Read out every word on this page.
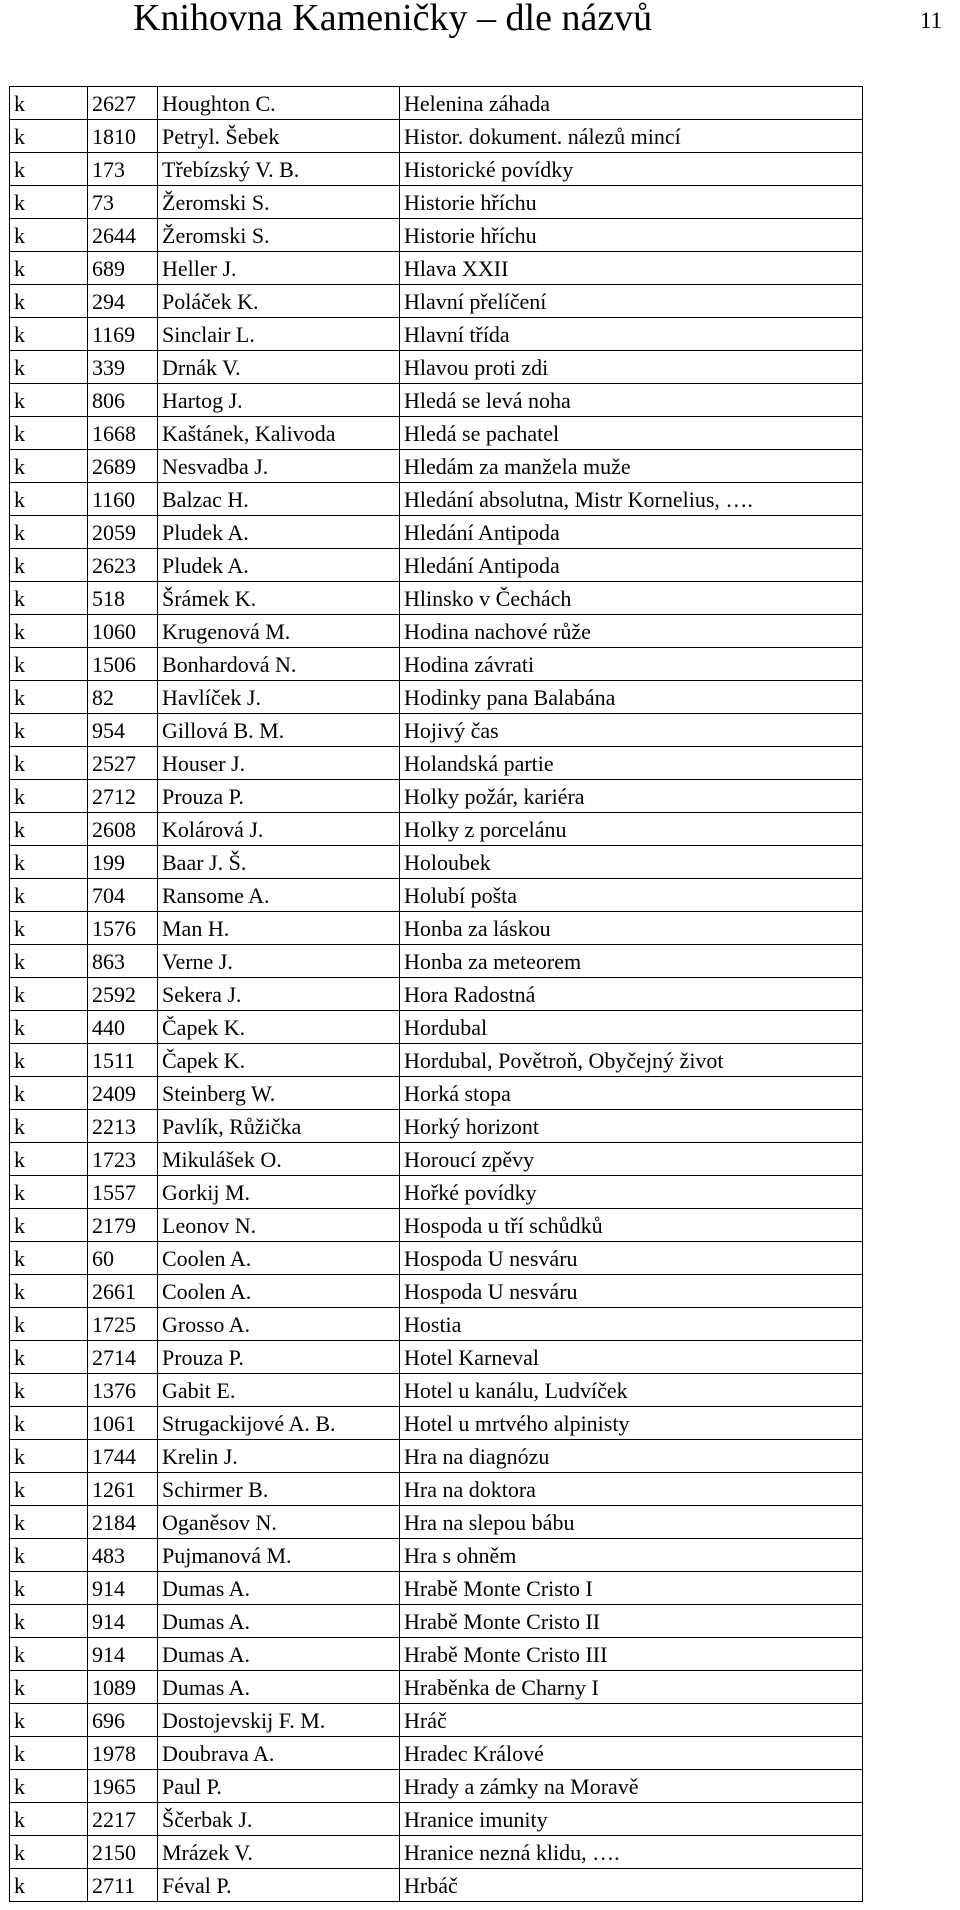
Knihovna Kameničky – dle názvů	11
k	2627	Houghton C.	Helenina záhada
k	1810	Petryl. Šebek	Histor. dokument. nálezů mincí
k	173	Třebízský V. B.	Historické povídky
k	73	Žeromski S.	Historie hříchu
k	2644	Žeromski S.	Historie hříchu
k	689	Heller J.	Hlava XXII
k	294	Poláček K.	Hlavní přelíčení
k	1169	Sinclair L.	Hlavní třída
k	339	Drnák V.	Hlavou proti zdi
k	806	Hartog J.	Hledá se levá noha
k	1668	Kaštánek, Kalivoda	Hledá se pachatel
k	2689	Nesvadba J.	Hledám za manžela muže
k	1160	Balzac H.	Hledání absolutna, Mistr Kornelius, ….
k	2059	Pludek A.	Hledání Antipoda
k	2623	Pludek A.	Hledání Antipoda
k	518	Šrámek K.	Hlinsko v Čechách
k	1060	Krugenová M.	Hodina nachové růže
k	1506	Bonhardová N.	Hodina závrati
k	82	Havlíček J.	Hodinky pana Balabána
k	954	Gillová B. M.	Hojivý čas
k	2527	Houser J.	Holandská partie
k	2712	Prouza P.	Holky požár, kariéra
k	2608	Kolárová J.	Holky z porcelánu
k	199	Baar J. Š.	Holoubek
k	704	Ransome A.	Holubí pošta
k	1576	Man H.	Honba za láskou
k	863	Verne J.	Honba za meteorem
k	2592	Sekera J.	Hora Radostná
k	440	Čapek K.	Hordubal
k	1511	Čapek K.	Hordubal, Povětroň, Obyčejný život
k	2409	Steinberg W.	Horká stopa
k	2213	Pavlík, Růžička	Horký horizont
k	1723	Mikulášek O.	Horoucí zpěvy
k	1557	Gorkij M.	Hořké povídky
k	2179	Leonov N.	Hospoda u tří schůdků
k	60	Coolen A.	Hospoda U nesváru
k	2661	Coolen A.	Hospoda U nesváru
k	1725	Grosso A.	Hostia
k	2714	Prouza P.	Hotel Karneval
k	1376	Gabit E.	Hotel u kanálu, Ludvíček
k	1061	Strugackijové A. B.	Hotel u mrtvého alpinisty
k	1744	Krelin J.	Hra na diagnózu
k	1261	Schirmer B.	Hra na doktora
k	2184	Oganěsov N.	Hra na slepou bábu
k	483	Pujmanová M.	Hra s ohněm
k	914	Dumas A.	Hrabě Monte Cristo I
k	914	Dumas A.	Hrabě Monte Cristo II
k	914	Dumas A.	Hrabě Monte Cristo III
k	1089	Dumas A.	Hraběnka de Charny I
k	696	Dostojevskij F. M.	Hráč
k	1978	Doubrava A.	Hradec Králové
k	1965	Paul P.	Hrady a zámky na Moravě
k	2217	Ščerbak J.	Hranice imunity
k	2150	Mrázek V.	Hranice nezná klidu, ….
k	2711	Féval P.	Hrbáč
